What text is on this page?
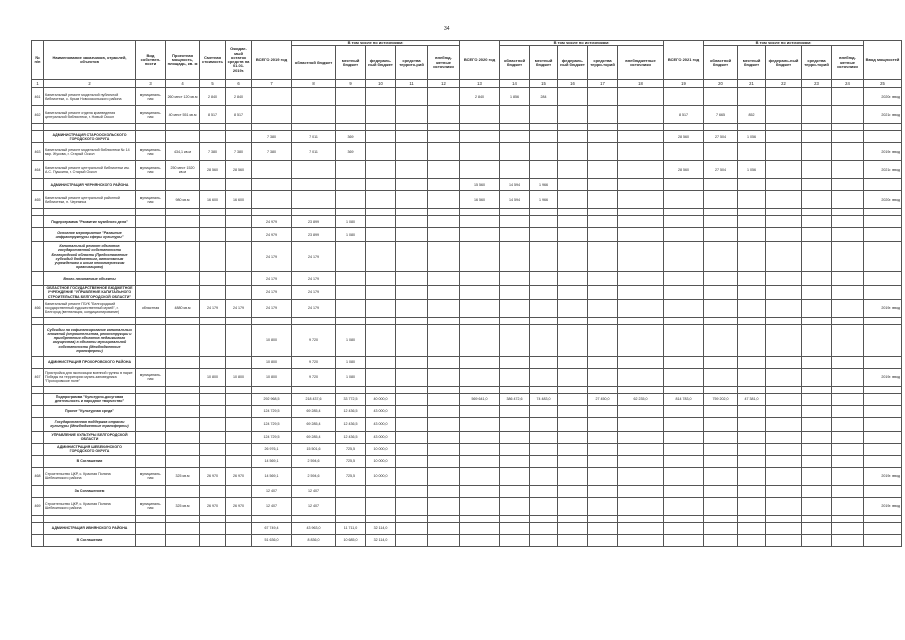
34
№ п/п	Наименование заказчиков, отраслей, объектов	Вид собствен-ности	Проектная мощность, площадь, кв. м	Сметная стоимость	Ожидае-мый остаток средств на 01.01. 2019г.	ВСЕГО 2019 год	В том числе по источникам:					ВСЕГО 2020 год	В том числе по источникам:					ВСЕГО 2021 год	В том числе по источникам:					Ввод мощностей
							областной бюджет	местный бюджет	федераль-ный бюджет	средства террито-рий	внебюд-жетные источники		областной бюджет	местный бюджет	федераль-ный бюджет	средства терри-торий	внебюджетные источники		областной бюджет	местный бюджет	федераль-ный бюджет	средства терри-торий	внебюд-жетные источники	
1	2	3	4	5	6	7	8	9	10	11	12	13	14	15	16	17	18	19	20	21	22	23	24	25
461	Капитальный ремонт модельной публичной библиотеки, с. Крым Новооскольского района	муниципаль-ная	260 мест 120 кв.м	2 840	2 840							2 840	1 856	284										2020г. ввод
462	Капитальный ремонт отдела краеведения центральной библиотеки, г. Новый Оскол	муниципаль-ная	40 мест 551 кв.м	8 517	8 517													8 517	7 665	852				2021г. ввод

	АДМИНИСТРАЦИЯ СТАРООСКОЛЬСКОГО ГОРОДСКОГО ОКРУГА					7 380	7 011	369										28 560	27 504	1 056				
463	Капитальный ремонт модельной библиотеки № 14 мкр. Жукова, г. Старый Оскол	муниципаль-ная	434,1 кв.м	7 380	7 380	7 380	7 011	369																2019г. ввод
464	Капитальный ремонт центральной библиотеки им. А.С. Пушкина, г. Старый Оскол	муниципаль-ная	250 мест 1520 кв.м	28 560	28 560													28 560	27 504	1 056				2021г. ввод
	АДМИНИСТРАЦИЯ ЧЕРНЯНСКОГО РАЙОНА											15 560	14 594	1 966										
465	Капитальный ремонт центральной районной библиотеки, п. Чернянка	муниципаль-ная	980 кв.м	16 600	16 600							16 560	14 594	1 966										2020г. ввод

	Подпрограмма "Развитие музейного дела"					24 979	23 899	1 080																
	Основное мероприятие "Развитие инфраструктуры сферы культуры"					24 979	23 899	1 080																
	Капитальный ремонт объектов государственной собственности Белгородской области (Предоставление субсидий бюджетным, автономным учреждениям и иным некоммерческим организациям)					24 179	24 179																	
	Вновь начинаемые объекты					24 179	24 179																	
	ОБЛАСТНОЕ ГОСУДАРСТВЕННОЕ БЮДЖЕТНОЕ УЧРЕЖДЕНИЕ "УПРАВЛЕНИЕ КАПИТАЛЬНОГО СТРОИТЕЛЬСТВА БЕЛГОРОДСКОЙ ОБЛАСТИ"					24 179	24 179																	
466	Капитальный ремонт ГБУК "Белгородский государственный художественный музей", г. Белгород (вентиляция, кондиционирование)	областная	4880 кв.м	24 179	24 179	24 179	24 179																	2019г. ввод

	Субсидии на софинансирование капитальных вложений (строительства, реконструкции и приобретения объектов недвижимого имущества) в объекты муниципальной собственности (Межбюджетные трансферты)					10 800	9 720	1 080																
	АДМИНИСТРАЦИЯ ПРОХОРОВСКОГО РАЙОНА					10 800	9 720	1 080																
467	Пристройка для экспозиции военной группы в парке Победы на территории музея-заповедника "Прохоровское поле"	муниципаль-ная		10 800	10 800	10 800	9 720	1 080																2019г. ввод

	Подпрограмма "Культурно-досуговая деятельность и народное творчество"					292 968,5	218 437,6	33 772,5	40 000,0			569 641,0	386 472,6	74 483,0		27 450,0	62 235,0	814 783,0	759 202,0	47 381,0				
	Проект "Культурная среда"					124 729,5	69 285,4	12 436,5	43 000,0															
	Государственная поддержка отрасли культуры (Межбюджетные трансферты)					124 729,5	69 285,4	12 436,5	43 000,0															
	УПРАВЛЕНИЕ КУЛЬТУРЫ БЕЛГОРОДСКОЙ ОБЛАСТИ					124 729,5	69 285,4	12 436,5	43 000,0															
	АДМИНИСТРАЦИЯ ШЕБЕКИНСКОГО ГОРОДСКОГО ОКРУГА					26 976,1	15 501,6	725,5	10 000,0															
	В Соглашении					14 569,1	2 594,6	725,5	10 000,0															
468	Строительство ЦКР, с. Красная Поляна Шебекинского района	муниципаль-ная	325 кв.м	26 970	26 970	14 569,1	2 594,6	725,5	10 000,0															2019г. ввод
	За Соглашением					12 407	12 407																	
469	Строительство ЦКР, с. Красная Поляна Шебекинского района	муниципаль-ная	325 кв.м	26 970	26 970	12 407	12 407																	2019г. ввод

	АДМИНИСТРАЦИЯ ИВНЯНСКОГО РАЙОНА					67 749,4	43 963,0	11 711,0	32 114,0															
	В Соглашении					51 636,0	8 836,0	10 685,0	32 114,0															
